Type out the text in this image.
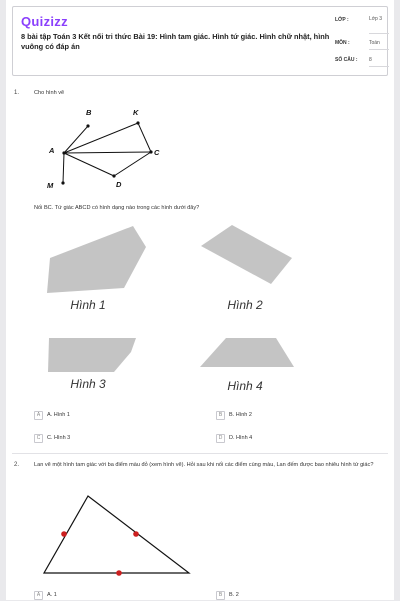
Quizizz
8 bài tập Toán 3 Kết nối tri thức Bài 19: Hình tam giác. Hình tứ giác. Hình chữ nhật, hình vuông có đáp án
LỚP :	Lớp 3
MÔN :	Toán
SỐ CÂU : 8
1.	Cho hình vẽ
B	K
A	C
D
M
Nối BC. Tứ giác ABCD có hình dạng nào trong các hình dưới đây?
Hình 1	Hình 2
Hình 3	Hình 4
A	A. Hình 1	B	B. Hình 2
C	C. Hình 3	D	D. Hình 4
2.	Lan vẽ một hình tam giác với ba điểm màu đỏ (xem hình vẽ). Hỏi sau khi nối các điểm cùng màu, Lan đếm được bao nhiêu hình tứ giác?
A	A. 1	B	B. 2
